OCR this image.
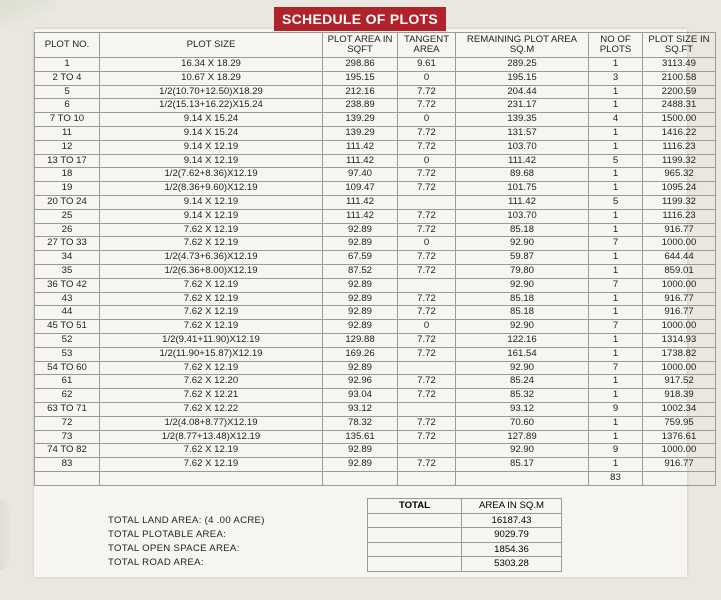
SCHEDULE OF PLOTS
PLOT NO.	PLOT SIZE	PLOT AREA IN SQFT	TANGENT AREA	REMAINING PLOT AREA SQ.M	NO OF PLOTS	PLOT SIZE IN SQ.FT
1	16.34 X 18.29	298.86	9.61	289.25	1	3113.49
2 TO 4	10.67 X 18.29	195.15	0	195.15	3	2100.58
5	1/2(10.70+12.50)X18.29	212.16	7.72	204.44	1	2200.59
6	1/2(15.13+16.22)X15.24	238.89	7.72	231.17	1	2488.31
7 TO 10	9.14 X 15.24	139.29	0	139.35	4	1500.00
11	9.14 X 15.24	139.29	7.72	131.57	1	1416.22
12	9.14 X 12.19	111.42	7.72	103.70	1	1116.23
13 TO 17	9.14 X 12.19	111.42	0	111.42	5	1199.32
18	1/2(7.62+8.36)X12.19	97.40	7.72	89.68	1	965.32
19	1/2(8.36+9.60)X12.19	109.47	7.72	101.75	1	1095.24
20 TO 24	9.14 X 12.19	111.42		111.42	5	1199.32
25	9.14 X 12.19	111.42	7.72	103.70	1	1116.23
26	7.62 X 12.19	92.89	7.72	85.18	1	916.77
27 TO 33	7.62 X 12.19	92.89	0	92.90	7	1000.00
34	1/2(4.73+6.36)X12.19	67.59	7.72	59.87	1	644.44
35	1/2(6.36+8.00)X12.19	87.52	7.72	79.80	1	859.01
36 TO 42	7.62 X 12.19	92.89		92.90	7	1000.00
43	7.62 X 12.19	92.89	7.72	85.18	1	916.77
44	7.62 X 12.19	92.89	7.72	85.18	1	916.77
45 TO 51	7.62 X 12.19	92.89	0	92.90	7	1000.00
52	1/2(9.41+11.90)X12.19	129.88	7.72	122.16	1	1314.93
53	1/2(11.90+15.87)X12.19	169.26	7.72	161.54	1	1738.82
54 TO 60	7.62 X 12.19	92.89		92.90	7	1000.00
61	7.62 X 12.20	92.96	7.72	85.24	1	917.52
62	7.62 X 12.21	93.04	7.72	85.32	1	918.39
63 TO 71	7.62 X 12.22	93.12		93.12	9	1002.34
72	1/2(4.08+8.77)X12.19	78.32	7.72	70.60	1	759.95
73	1/2(8.77+13.48)X12.19	135.61	7.72	127.89	1	1376.61
74 TO 82	7.62 X 12.19	92.89		92.90	9	1000.00
83	7.62 X 12.19	92.89	7.72	85.17	1	916.77
					83	
TOTAL	AREA IN SQ.M
	16187.43
	9029.79
	1854.36
	5303.28
TOTAL LAND AREA: (4 .00 ACRE)
TOTAL PLOTABLE AREA:
TOTAL OPEN SPACE AREA:
TOTAL ROAD AREA:
